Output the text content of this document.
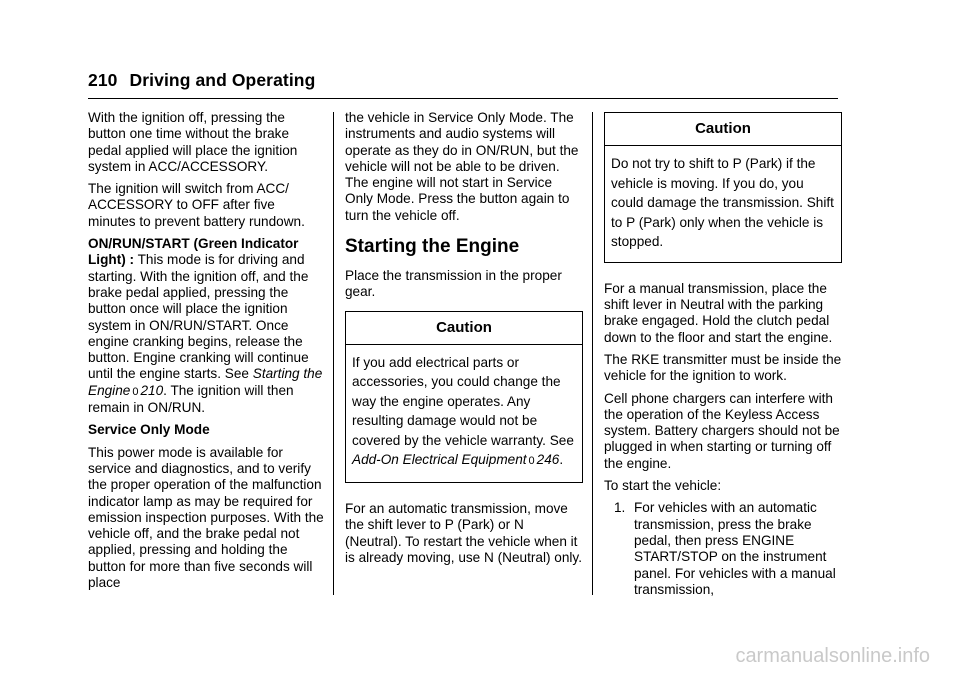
210 Driving and Operating

With the ignition off, pressing the button one time without the brake pedal applied will place the ignition system in ACC/ACCESSORY.

The ignition will switch from ACC/ ACCESSORY to OFF after five minutes to prevent battery rundown.

ON/RUN/START (Green Indicator Light) : This mode is for driving and starting. With the ignition off, and the brake pedal applied, pressing the button once will place the ignition system in ON/RUN/START. Once engine cranking begins, release the button. Engine cranking will continue until the engine starts. See Starting the Engine 0 210. The ignition will then remain in ON/RUN.

Service Only Mode

This power mode is available for service and diagnostics, and to verify the proper operation of the malfunction indicator lamp as may be required for emission inspection purposes. With the vehicle off, and the brake pedal not applied, pressing and holding the button for more than five seconds will place

the vehicle in Service Only Mode. The instruments and audio systems will operate as they do in ON/RUN, but the vehicle will not be able to be driven. The engine will not start in Service Only Mode. Press the button again to turn the vehicle off.

Starting the Engine

Place the transmission in the proper gear.

Caution
If you add electrical parts or accessories, you could change the way the engine operates. Any resulting damage would not be covered by the vehicle warranty. See Add-On Electrical Equipment 0 246.

For an automatic transmission, move the shift lever to P (Park) or N (Neutral). To restart the vehicle when it is already moving, use N (Neutral) only.

Caution
Do not try to shift to P (Park) if the vehicle is moving. If you do, you could damage the transmission. Shift to P (Park) only when the vehicle is stopped.

For a manual transmission, place the shift lever in Neutral with the parking brake engaged. Hold the clutch pedal down to the floor and start the engine.

The RKE transmitter must be inside the vehicle for the ignition to work.

Cell phone chargers can interfere with the operation of the Keyless Access system. Battery chargers should not be plugged in when starting or turning off the engine.

To start the vehicle:

1. For vehicles with an automatic transmission, press the brake pedal, then press ENGINE START/STOP on the instrument panel. For vehicles with a manual transmission,
carmanualsonline.info
